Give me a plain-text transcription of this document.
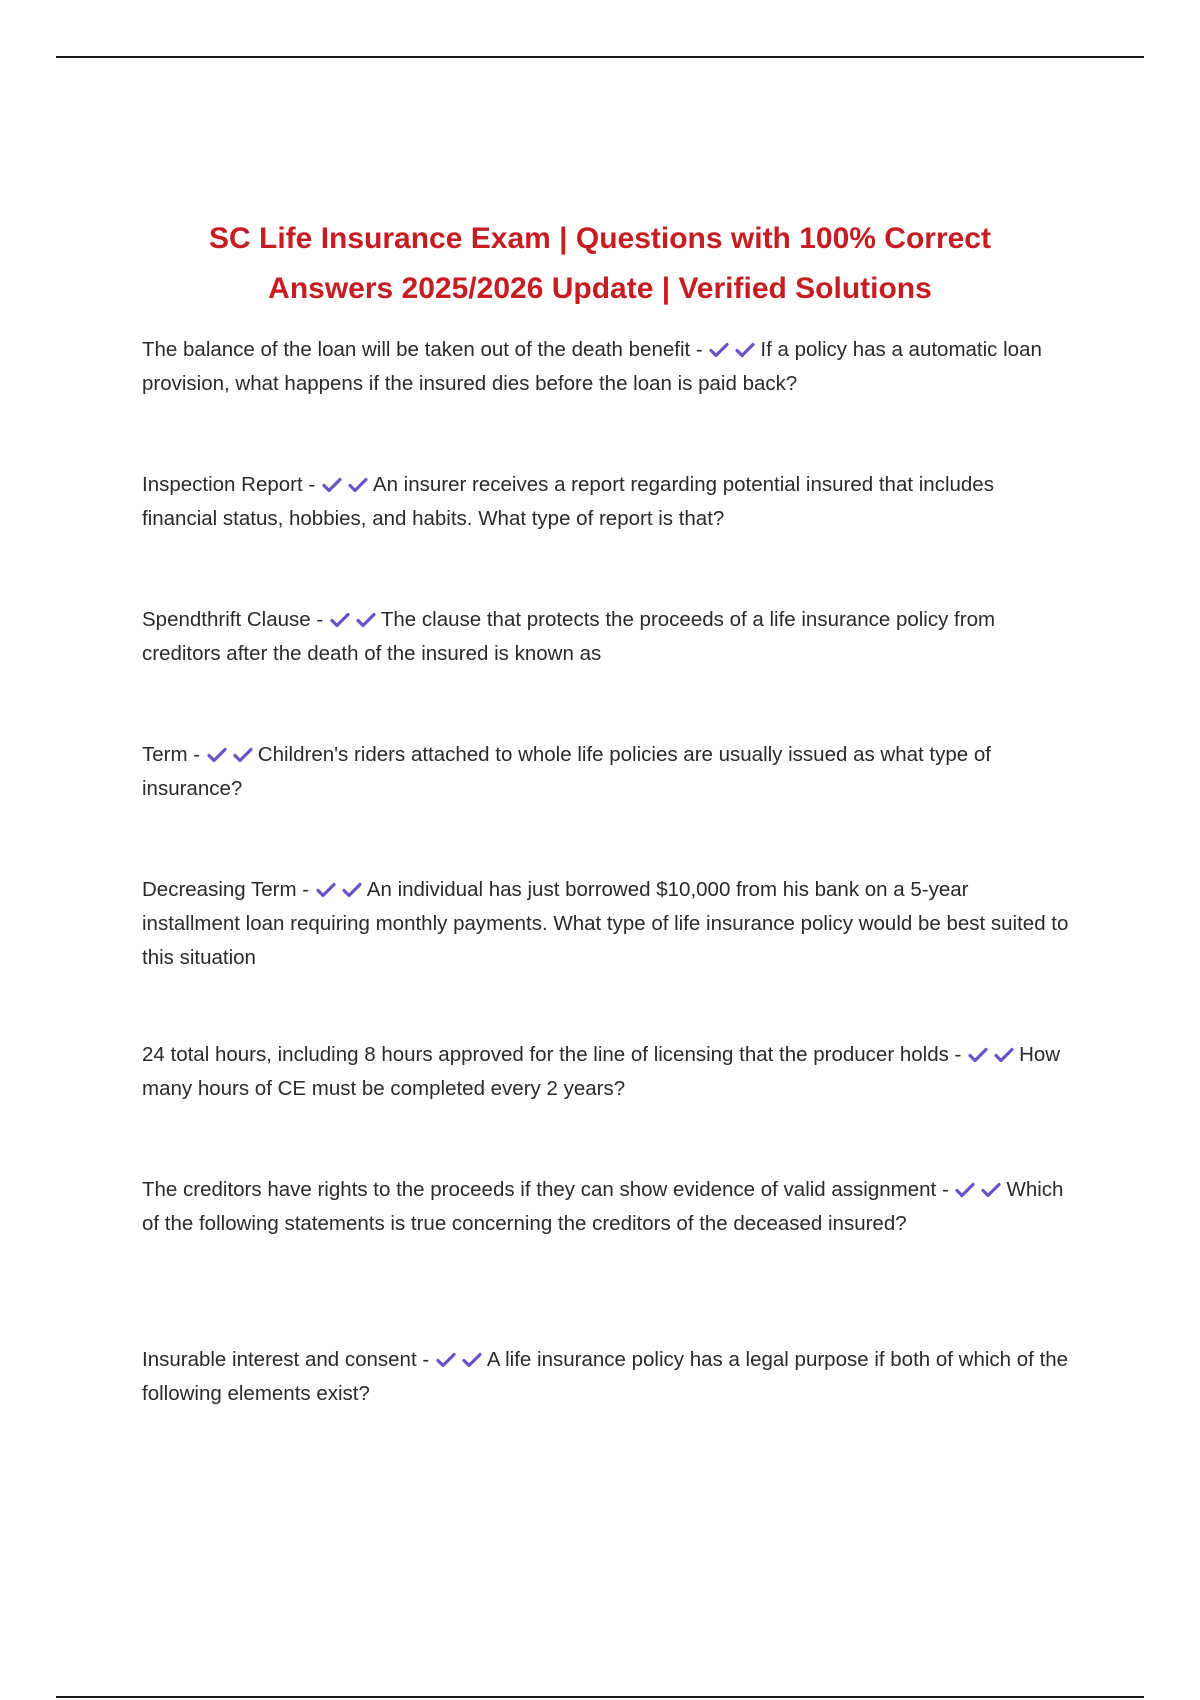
SC Life Insurance Exam | Questions with 100% Correct
Answers 2025/2026 Update | Verified Solutions
The balance of the loan will be taken out of the death benefit -	If a policy has a automatic loan provision, what happens if the insured dies before the loan is paid back?
Inspection Report -	An insurer receives a report regarding potential insured that includes financial status, hobbies, and habits. What type of report is that?
Spendthrift Clause -	The clause that protects the proceeds of a life insurance policy from creditors after the death of the insured is known as
Term -	Children's riders attached to whole life policies are usually issued as what type of insurance?
Decreasing Term -	An individual has just borrowed $10,000 from his bank on a 5-year installment loan requiring monthly payments. What type of life insurance policy would be best suited to this situation
24 total hours, including 8 hours approved for the line of licensing that the producer holds -	How many hours of CE must be completed every 2 years?
The creditors have rights to the proceeds if they can show evidence of valid assignment -	Which of the following statements is true concerning the creditors of the deceased insured?
Insurable interest and consent -	A life insurance policy has a legal purpose if both of which of the following elements exist?
